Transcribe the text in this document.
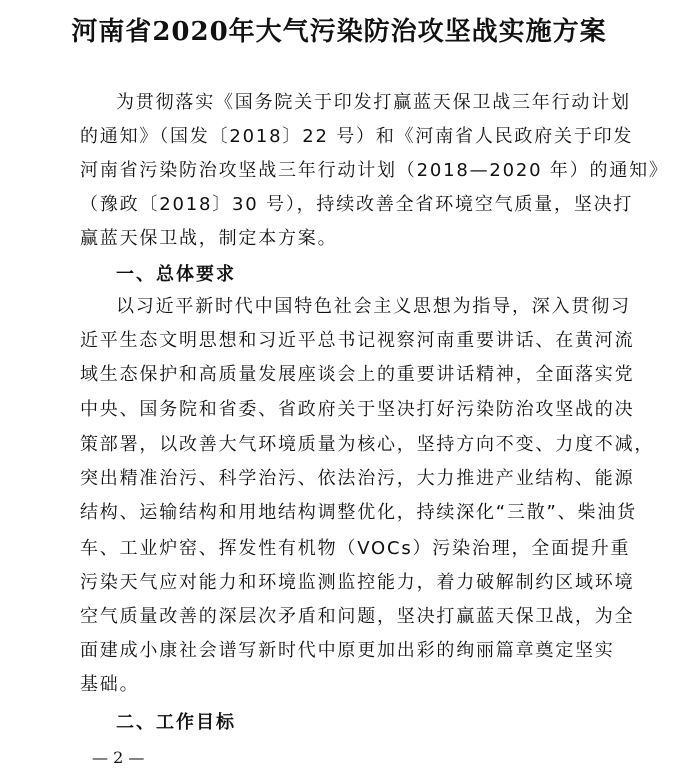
河南省2020年大气污染防治攻坚战实施方案
为贯彻落实《国务院关于印发打赢蓝天保卫战三年行动计划
的通知》（国发〔2018〕22 号）和《河南省人民政府关于印发
河南省污染防治攻坚战三年行动计划（2018—2020 年）的通知》
（豫政〔2018〕30 号），持续改善全省环境空气质量，坚决打
赢蓝天保卫战，制定本方案。
一、总体要求
以习近平新时代中国特色社会主义思想为指导，深入贯彻习
近平生态文明思想和习近平总书记视察河南重要讲话、在黄河流
域生态保护和高质量发展座谈会上的重要讲话精神，全面落实党
中央、国务院和省委、省政府关于坚决打好污染防治攻坚战的决
策部署，以改善大气环境质量为核心，坚持方向不变、力度不减，
突出精准治污、科学治污、依法治污，大力推进产业结构、能源
结构、运输结构和用地结构调整优化，持续深化“三散”、柴油货
车、工业炉窑、挥发性有机物（VOCs）污染治理，全面提升重
污染天气应对能力和环境监测监控能力，着力破解制约区域环境
空气质量改善的深层次矛盾和问题，坚决打赢蓝天保卫战，为全
面建成小康社会谱写新时代中原更加出彩的绚丽篇章奠定坚实
基础。
二、工作目标
— 2 —
